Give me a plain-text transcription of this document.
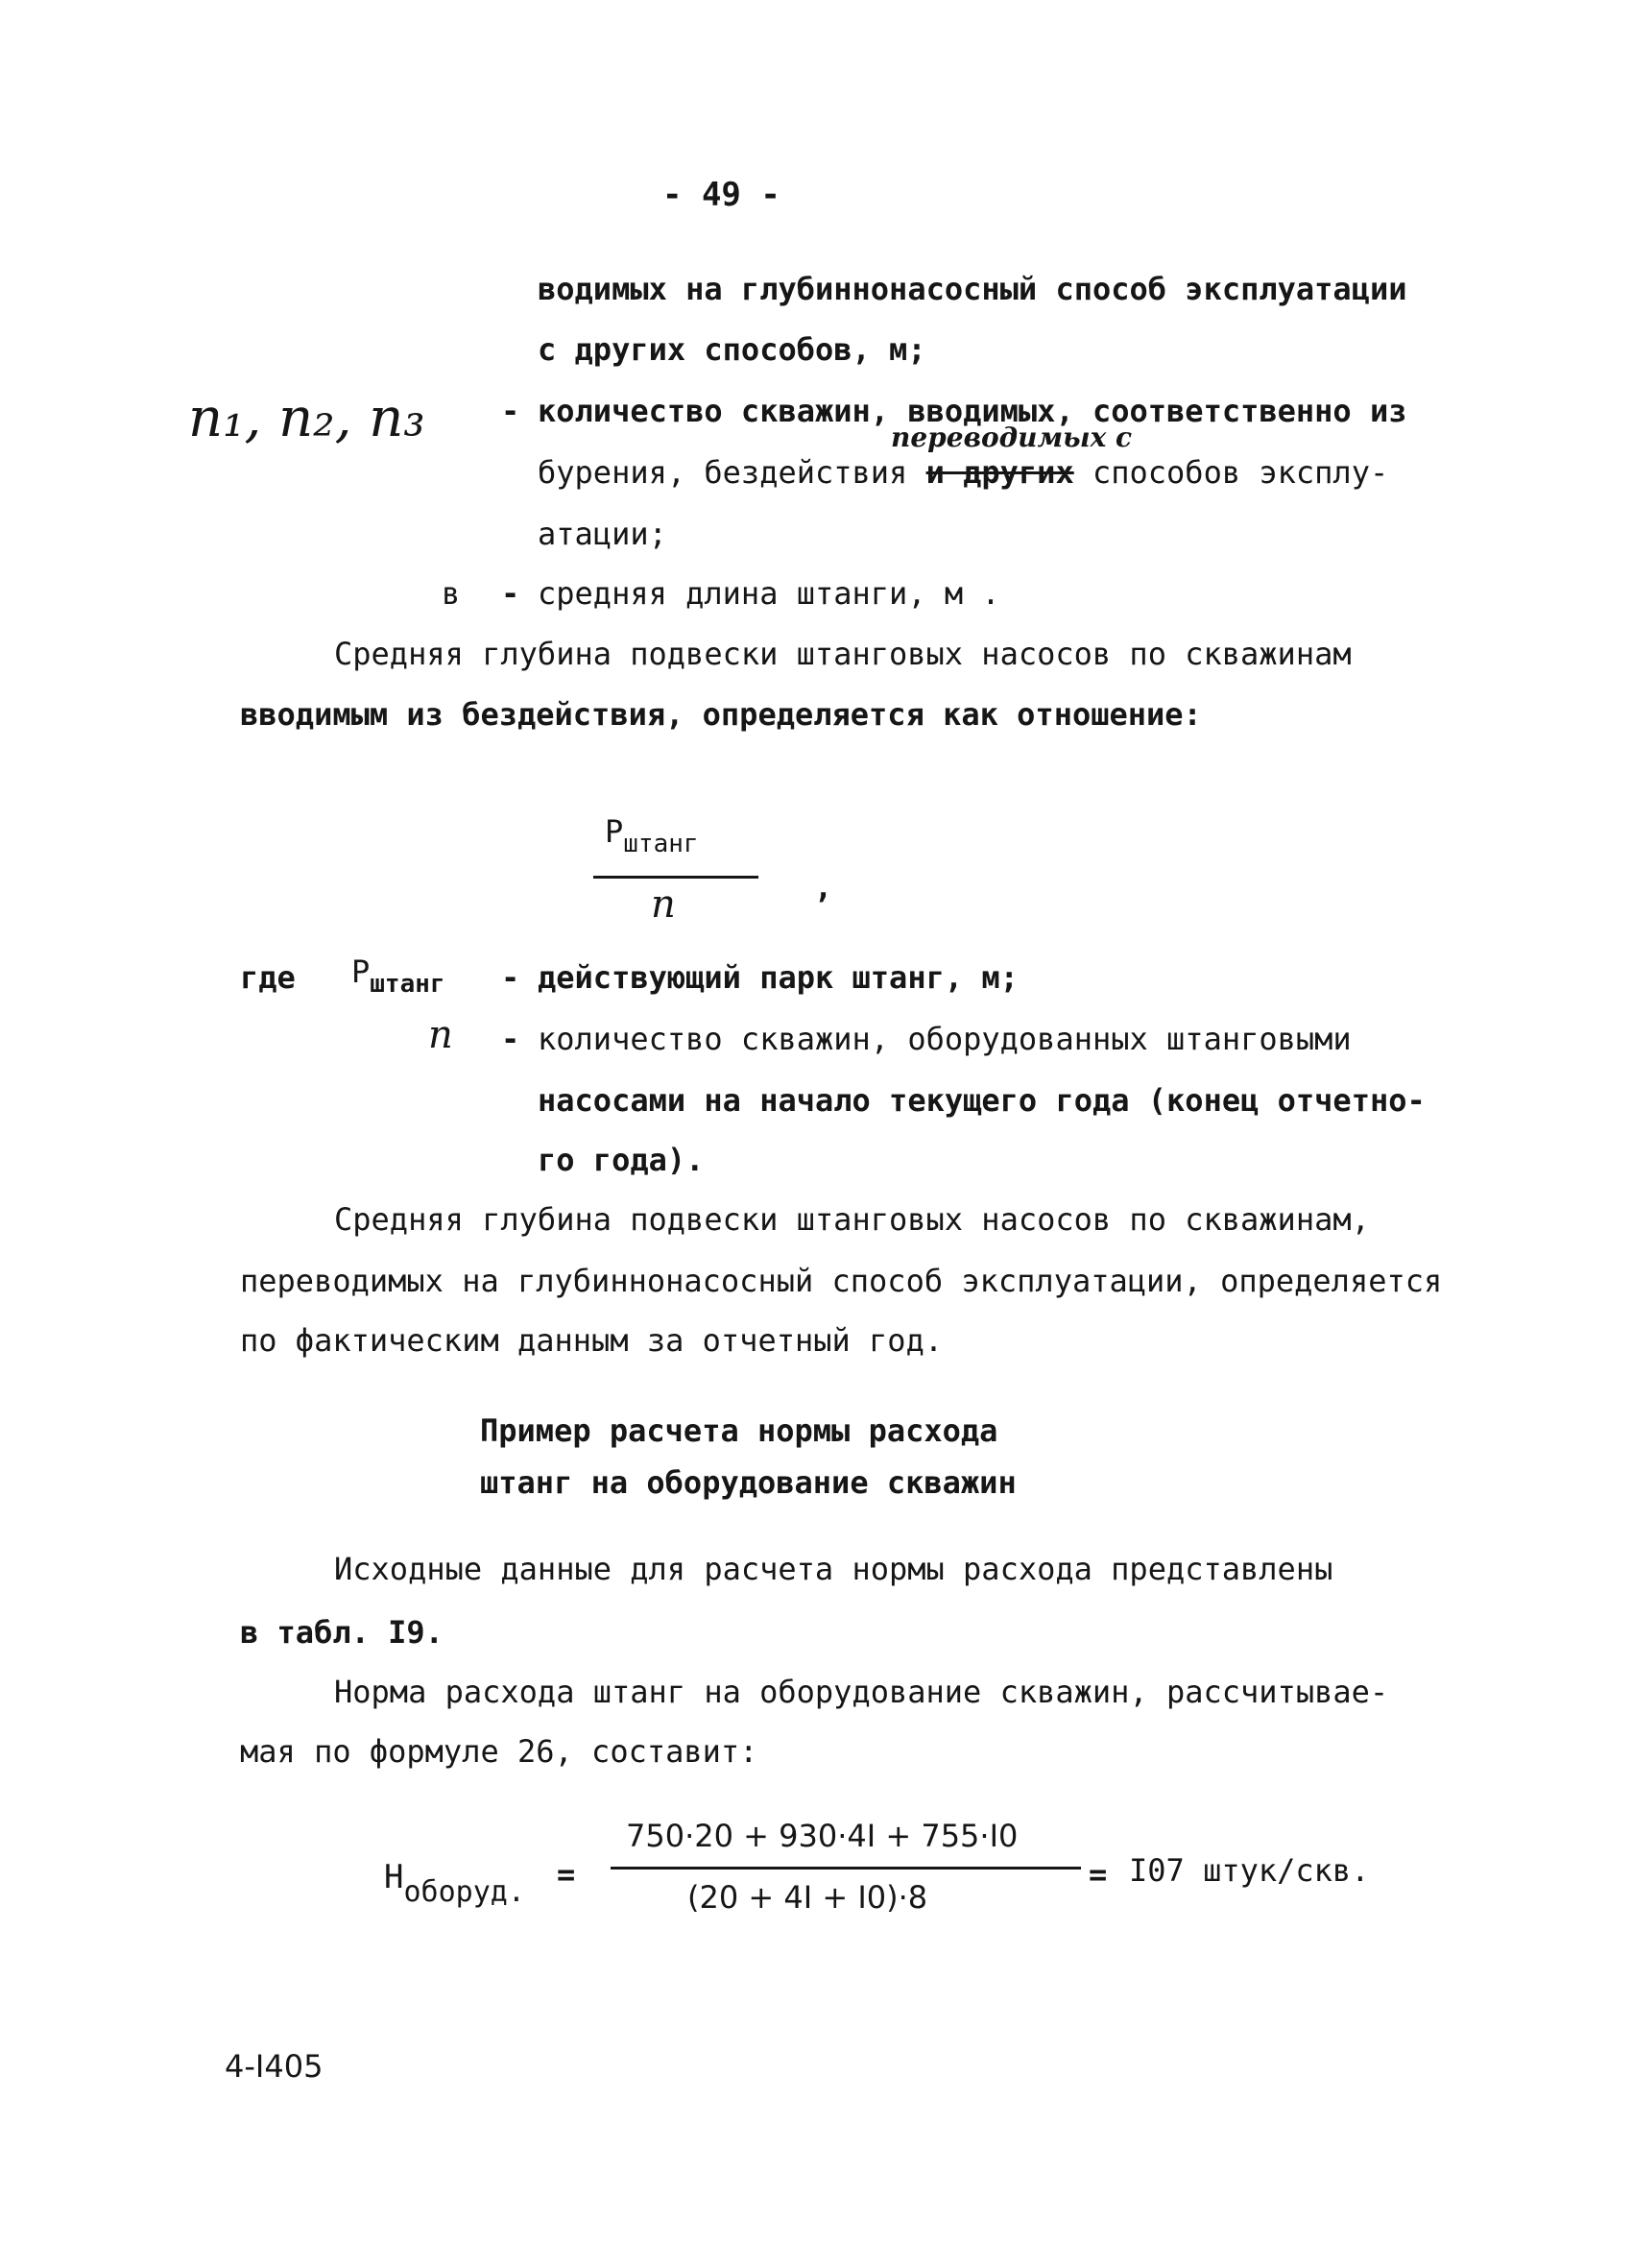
- 49 -
водимых на глубиннонасосный способ эксплуатации
с других способов, м;
n₁, n₂, n₃ - количество скважин, вводимых, соответственно из
переводимых с
бурения, бездействия и других способов эксплу-
атации;
в - средняя длина штанги, м .
Средняя глубина подвески штанговых насосов по скважинам
вводимым из бездействия, определяется как отношение:
$P_{штанг}$
n	,
где $P_{штанг}$ - действующий парк штанг, м;
n - количество скважин, оборудованных штанговыми
насосами на начало текущего года (конец отчетно-
го года).
Средняя глубина подвески штанговых насосов по скважинам,
переводимых на глубиннонасосный способ эксплуатации, определяется
по фактическим данным за отчетный год.
Пример расчета нормы расхода
штанг на оборудование скважин
Исходные данные для расчета нормы расхода представлены
в табл. I9.
Норма расхода штанг на оборудование скважин, рассчитывае-
мая по формуле 26, составит:
Ноборуд. =
750·20 + 930·4I + 755·I0
(20 + 4I + I0)·8
= I07 штук/скв.
4-I405
